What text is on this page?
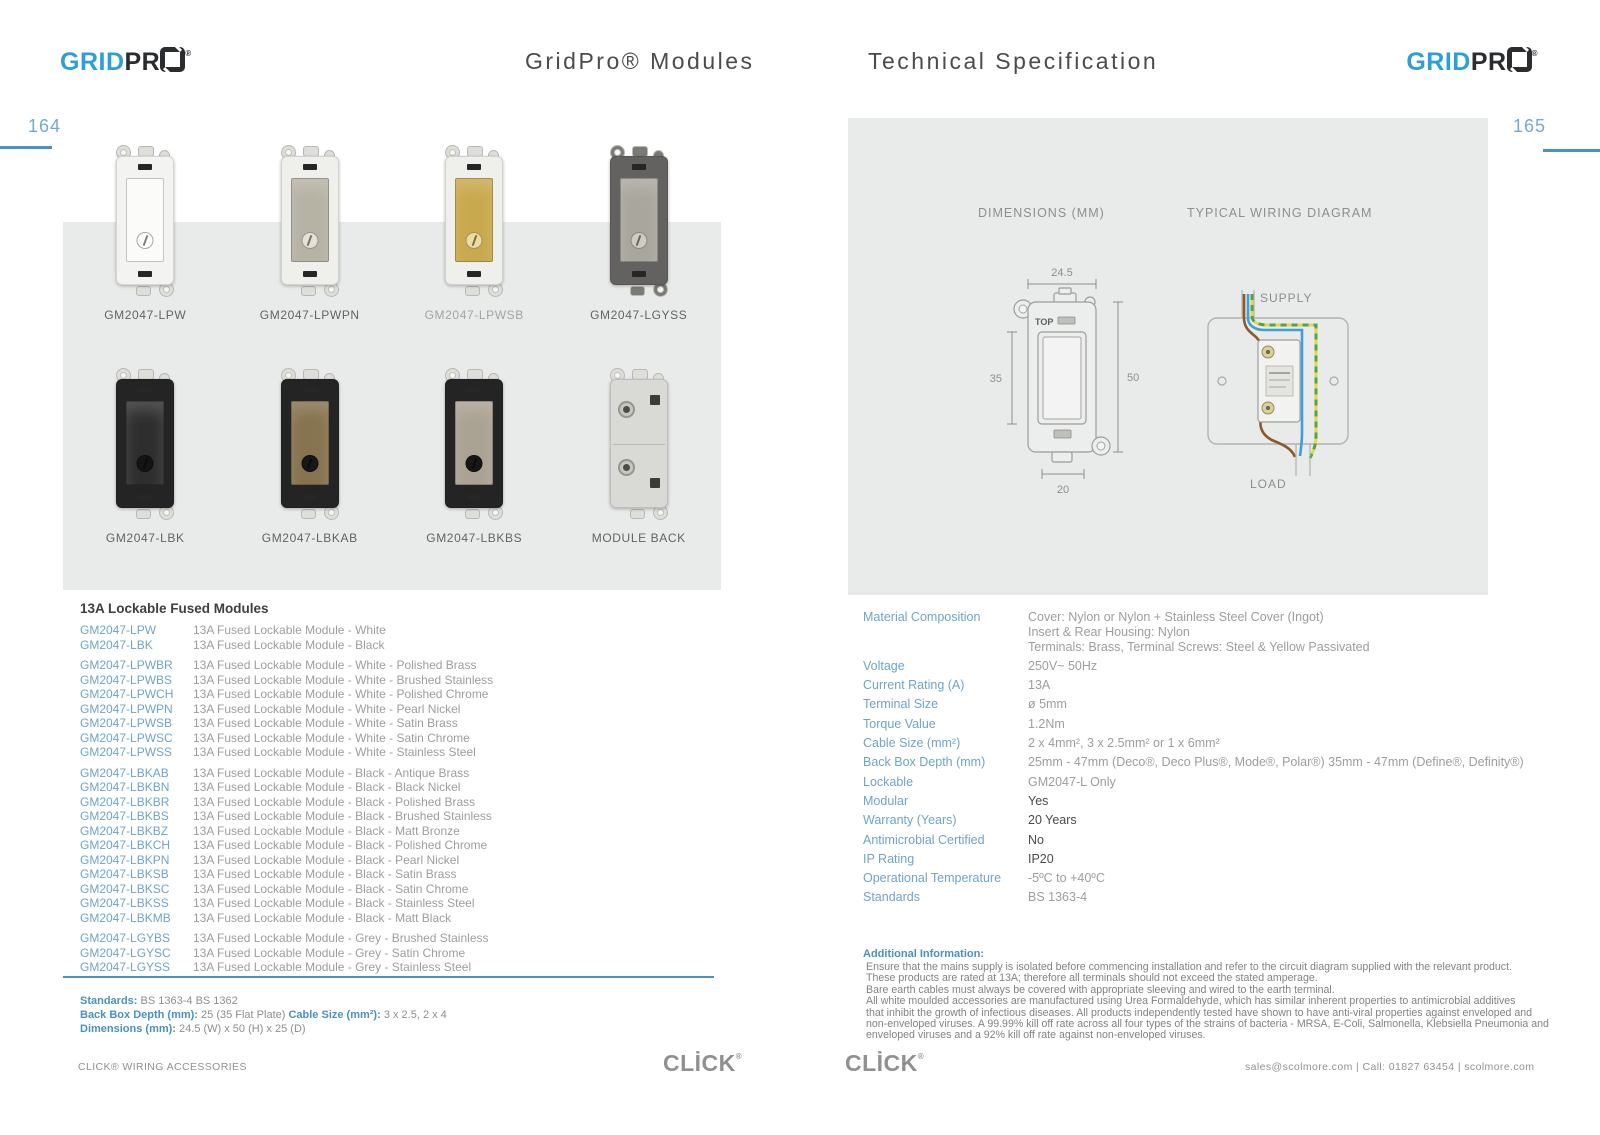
GRIDPR	®	GridPro® Modules	Technical Specification	GRIDPR	®
164	165
GM2047-LPW	GM2047-LPWPN	GM2047-LPWSB	GM2047-LGYSS
GM2047-LBK	GM2047-LBKAB	GM2047-LBKBS	MODULE BACK
13A Lockable Fused Modules
GM2047-LPW	13A Fused Lockable Module - White
GM2047-LBK	13A Fused Lockable Module - Black
GM2047-LPWBR	13A Fused Lockable Module - White - Polished Brass
GM2047-LPWBS	13A Fused Lockable Module - White - Brushed Stainless
GM2047-LPWCH	13A Fused Lockable Module - White - Polished Chrome
GM2047-LPWPN	13A Fused Lockable Module - White - Pearl Nickel
GM2047-LPWSB	13A Fused Lockable Module - White - Satin Brass
GM2047-LPWSC	13A Fused Lockable Module - White - Satin Chrome
GM2047-LPWSS	13A Fused Lockable Module - White - Stainless Steel
GM2047-LBKAB	13A Fused Lockable Module - Black - Antique Brass
GM2047-LBKBN	13A Fused Lockable Module - Black - Black Nickel
GM2047-LBKBR	13A Fused Lockable Module - Black - Polished Brass
GM2047-LBKBS	13A Fused Lockable Module - Black - Brushed Stainless
GM2047-LBKBZ	13A Fused Lockable Module - Black - Matt Bronze
GM2047-LBKCH	13A Fused Lockable Module - Black - Polished Chrome
GM2047-LBKPN	13A Fused Lockable Module - Black - Pearl Nickel
GM2047-LBKSB	13A Fused Lockable Module - Black - Satin Brass
GM2047-LBKSC	13A Fused Lockable Module - Black - Satin Chrome
GM2047-LBKSS	13A Fused Lockable Module - Black - Stainless Steel
GM2047-LBKMB	13A Fused Lockable Module - Black - Matt Black
GM2047-LGYBS	13A Fused Lockable Module - Grey - Brushed Stainless
GM2047-LGYSC	13A Fused Lockable Module - Grey - Satin Chrome
GM2047-LGYSS	13A Fused Lockable Module - Grey - Stainless Steel
Standards: BS 1363-4 BS 1362
Back Box Depth (mm): 25 (35 Flat Plate) Cable Size (mm²): 3 x 2.5, 2 x 4
Dimensions (mm): 24.5 (W) x 50 (H) x 25 (D)
DIMENSIONS (MM)	TYPICAL WIRING DIAGRAM
24.5
TOP
50
35
20
SUPPLY
LOAD
Material Composition	Cover: Nylon or Nylon + Stainless Steel Cover (Ingot)
Insert & Rear Housing: Nylon
Terminals: Brass, Terminal Screws: Steel & Yellow Passivated
Voltage	250V~ 50Hz
Current Rating (A)	13A
Terminal Size	ø 5mm
Torque Value	1.2Nm
Cable Size (mm²)	2 x 4mm², 3 x 2.5mm² or 1 x 6mm²
Back Box Depth (mm)	25mm - 47mm (Deco®, Deco Plus®, Mode®, Polar®) 35mm - 47mm (Define®, Definity®)
Lockable	GM2047-L Only
Modular	Yes
Warranty (Years)	20 Years
Antimicrobial Certified	No
IP Rating	IP20
Operational Temperature	-5ºC to +40ºC
Standards	BS 1363-4
Additional Information:
Ensure that the mains supply is isolated before commencing installation and refer to the circuit diagram supplied with the relevant product.
These products are rated at 13A; therefore all terminals should not exceed the stated amperage.
Bare earth cables must always be covered with appropriate sleeving and wired to the earth terminal.
All white moulded accessories are manufactured using Urea Formaldehyde, which has similar inherent properties to antimicrobial additives
that inhibit the growth of infectious diseases. All products independently tested have shown to have anti-viral properties against enveloped and
non-enveloped viruses. A 99.99% kill off rate across all four types of the strains of bacteria - MRSA, E-Coli, Salmonella, Klebsiella Pneumonia and
enveloped viruses and a 92% kill off rate against non-enveloped viruses.
CLICK® WIRING ACCESSORIES	CLİCK®	CLİCK®
sales@scolmore.com | Call: 01827 63454 | scolmore.com
